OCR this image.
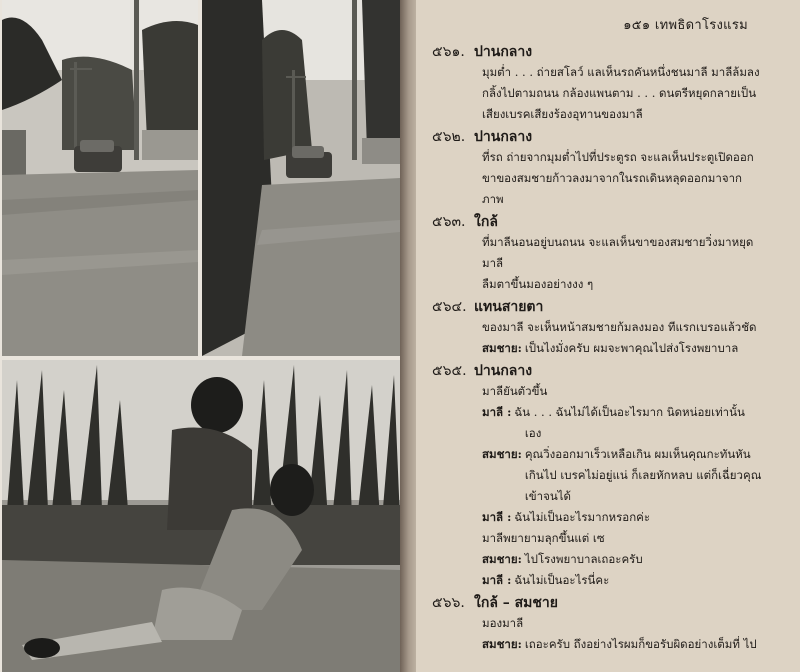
๑๕๑ เทพธิดาโรงแรม
๕๖๑. ปานกลาง
มุมต่ำ . . . ถ่ายสโลว์ แลเห็นรถคันหนึ่งชนมาลี มาลีล้มลง
กลิ้งไปตามถนน กล้องแพนตาม . . . ดนตรีหยุดกลายเป็น
เสียงเบรคเสียงร้องอุทานของมาลี
๕๖๒. ปานกลาง
ที่รถ ถ่ายจากมุมต่ำไปที่ประตูรถ จะแลเห็นประตูเปิดออก
ขาของสมชายก้าวลงมาจากในรถเดินหลุดออกมาจากภาพ
๕๖๓. ใกล้
ที่มาลีนอนอยู่บนถนน จะแลเห็นขาของสมชายวิ่งมาหยุด มาลี
ลืมตาขึ้นมองอย่างงง ๆ
๕๖๔. แทนสายตา
ของมาลี จะเห็นหน้าสมชายก้มลงมอง ทีแรกเบรอแล้วชัด
สมชาย: เป็นไงมั่งครับ ผมจะพาคุณไปส่งโรงพยาบาล
๕๖๕. ปานกลาง
มาลียันตัวขึ้น
มาลี : ฉัน . . . ฉันไม่ได้เป็นอะไรมาก นิดหน่อยเท่านั้น
เอง
สมชาย: คุณวิ่งออกมาเร็วเหลือเกิน ผมเห็นคุณกะทันหัน
เกินไป เบรคไม่อยู่แน่ ก็เลยหักหลบ แต่ก็เฉี่ยวคุณ
เข้าจนได้
มาลี : ฉันไม่เป็นอะไรมากหรอกค่ะ
มาลีพยายามลุกขึ้นแต่ เซ
สมชาย: ไปโรงพยาบาลเถอะครับ
มาลี : ฉันไม่เป็นอะไรนี่คะ
๕๖๖. ใกล้ – สมชาย
มองมาลี
สมชาย: เถอะครับ ถึงอย่างไรผมก็ขอรับผิดอย่างเต็มที่ ไป
